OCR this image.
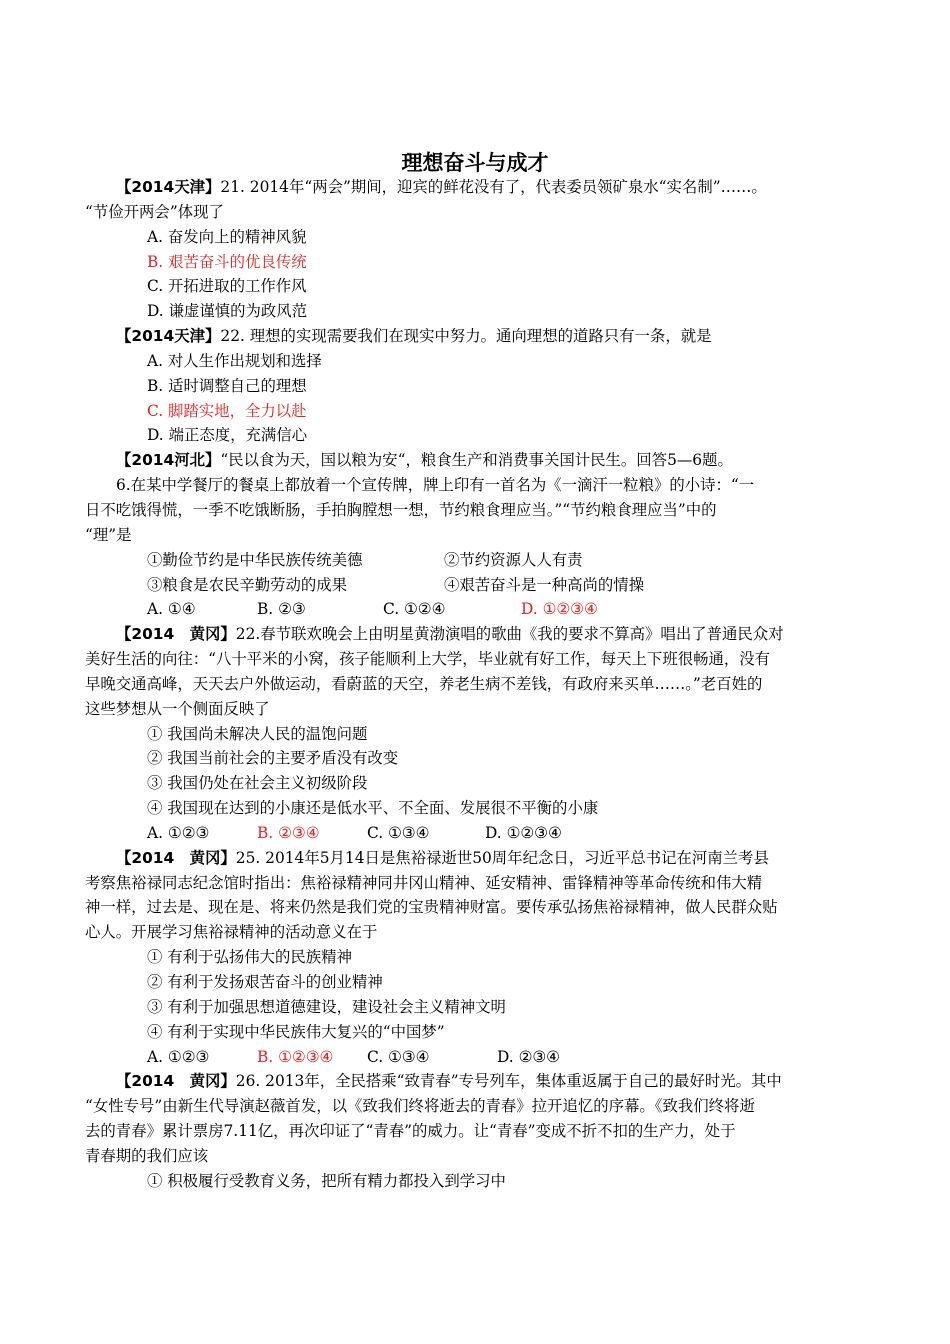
理想奋斗与成才
【2014天津】21. 2014年“两会”期间，迎宾的鲜花没有了，代表委员领矿泉水“实名制”……。
“节俭开两会”体现了
A. 奋发向上的精神风貌
B. 艰苦奋斗的优良传统
C. 开拓进取的工作作风
D. 谦虚谨慎的为政风范
【2014天津】22. 理想的实现需要我们在现实中努力。通向理想的道路只有一条，就是
A. 对人生作出规划和选择
B. 适时调整自己的理想
C. 脚踏实地，全力以赴
D. 端正态度，充满信心
【2014河北】“民以食为天，国以粮为安“，粮食生产和消费事关国计民生。回答5—6题。
6.在某中学餐厅的餐桌上都放着一个宣传牌，牌上印有一首名为《一滴汗一粒粮》的小诗：“一
日不吃饿得慌，一季不吃饿断肠，手拍胸膛想一想，节约粮食理应当。”“节约粮食理应当”中的
“理”是
①勤俭节约是中华民族传统美德	②节约资源人人有责
③粮食是农民辛勤劳动的成果	④艰苦奋斗是一种高尚的情操
A. ①④	B. ②③	C. ①②④	D. ①②③④
【2014　黄冈】22.春节联欢晚会上由明星黄渤演唱的歌曲《我的要求不算高》唱出了普通民众对
美好生活的向往：“八十平米的小窝，孩子能顺利上大学，毕业就有好工作，每天上下班很畅通，没有
早晚交通高峰，天天去户外做运动，看蔚蓝的天空，养老生病不差钱，有政府来买单……。”老百姓的
这些梦想从一个侧面反映了
① 我国尚未解决人民的温饱问题
② 我国当前社会的主要矛盾没有改变
③ 我国仍处在社会主义初级阶段
④ 我国现在达到的小康还是低水平、不全面、发展很不平衡的小康
A. ①②③	B. ②③④	C. ①③④	D. ①②③④
【2014　黄冈】25. 2014年5月14日是焦裕禄逝世50周年纪念日，习近平总书记在河南兰考县
考察焦裕禄同志纪念馆时指出：焦裕禄精神同井冈山精神、延安精神、雷锋精神等革命传统和伟大精
神一样，过去是、现在是、将来仍然是我们党的宝贵精神财富。要传承弘扬焦裕禄精神，做人民群众贴
心人。开展学习焦裕禄精神的活动意义在于
① 有利于弘扬伟大的民族精神
② 有利于发扬艰苦奋斗的创业精神
③ 有利于加强思想道德建设，建设社会主义精神文明
④ 有利于实现中华民族伟大复兴的“中国梦”
A. ①②③	B. ①②③④ C. ①③④	D. ②③④
【2014　黄冈】26. 2013年，全民搭乘“致青春”专号列车，集体重返属于自己的最好时光。其中
“女性专号”由新生代导演赵薇首发，以《致我们终将逝去的青春》拉开追忆的序幕。《致我们终将逝
去的青春》累计票房7.11亿，再次印证了“青春”的威力。让“青春”变成不折不扣的生产力，处于
青春期的我们应该
① 积极履行受教育义务，把所有精力都投入到学习中
